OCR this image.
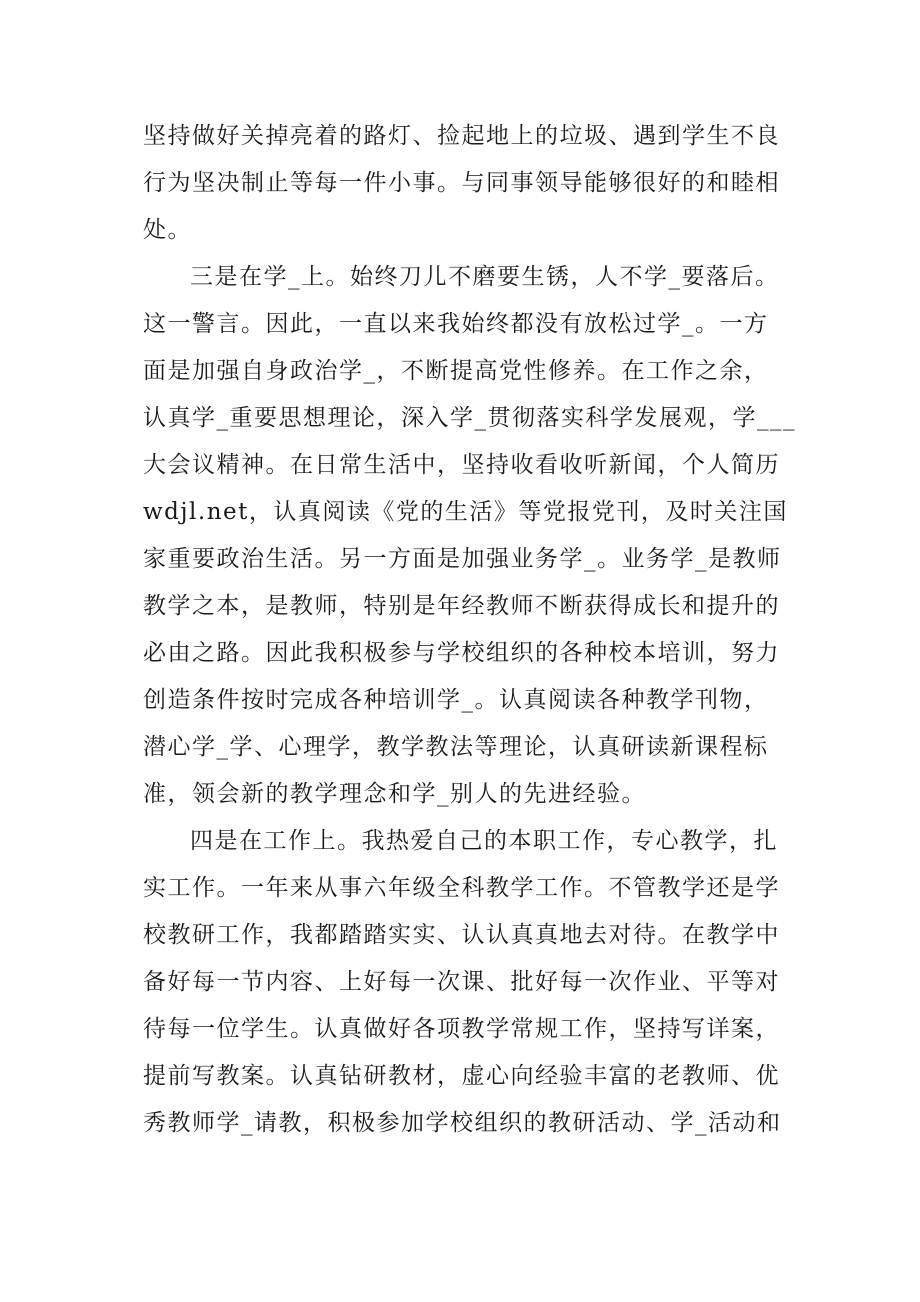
坚持做好关掉亮着的路灯、捡起地上的垃圾、遇到学生不良
行为坚决制止等每一件小事。与同事领导能够很好的和睦相
处。
三是在学_上。始终刀儿不磨要生锈，人不学_要落后。
这一警言。因此，一直以来我始终都没有放松过学_。一方
面是加强自身政治学_，不断提高党性修养。在工作之余，
认真学_重要思想理论，深入学_贯彻落实科学发展观，学___
大会议精神。在日常生活中，坚持收看收听新闻，个人简历
wdjl.net，认真阅读《党的生活》等党报党刊，及时关注国
家重要政治生活。另一方面是加强业务学_。业务学_是教师
教学之本，是教师，特别是年经教师不断获得成长和提升的
必由之路。因此我积极参与学校组织的各种校本培训，努力
创造条件按时完成各种培训学_。认真阅读各种教学刊物，
潜心学_学、心理学，教学教法等理论，认真研读新课程标
准，领会新的教学理念和学_别人的先进经验。
四是在工作上。我热爱自己的本职工作，专心教学，扎
实工作。一年来从事六年级全科教学工作。不管教学还是学
校教研工作，我都踏踏实实、认认真真地去对待。在教学中
备好每一节内容、上好每一次课、批好每一次作业、平等对
待每一位学生。认真做好各项教学常规工作，坚持写详案，
提前写教案。认真钻研教材，虚心向经验丰富的老教师、优
秀教师学_请教，积极参加学校组织的教研活动、学_活动和
